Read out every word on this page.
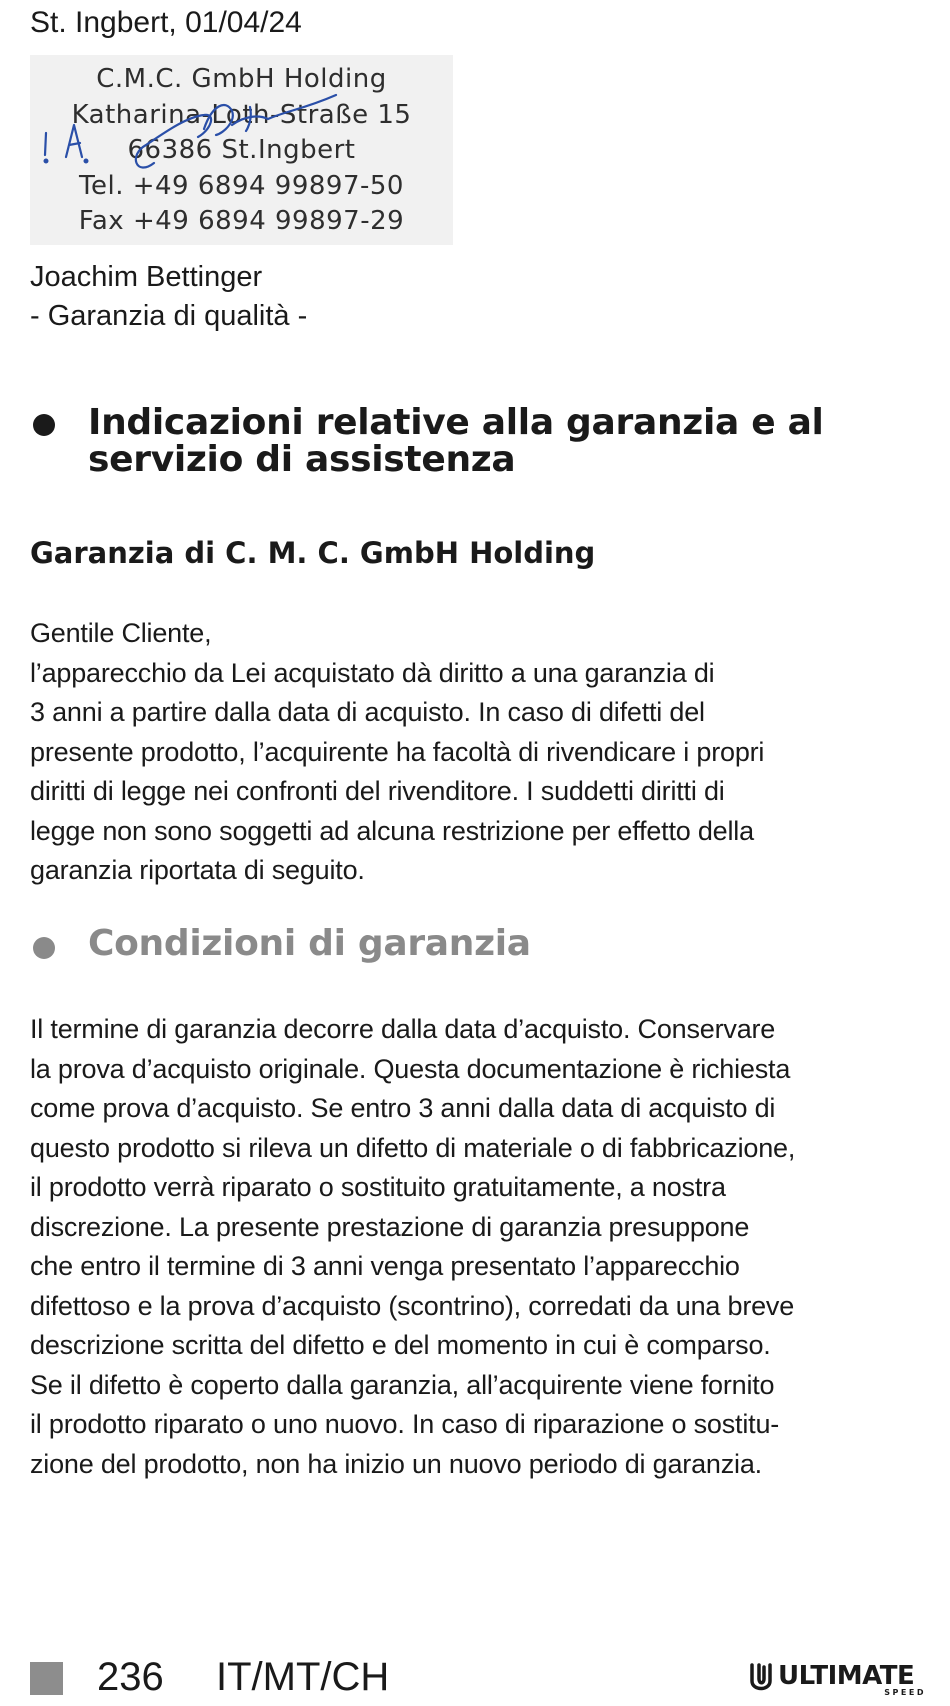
St. Ingbert, 01/04/24
C.M.C. GmbH Holding
Katharina-Loth-Straße 15
66386 St.Ingbert
Tel. +49 6894 99897-50
Fax +49 6894 99897-29
Joachim Bettinger
- Garanzia di qualità -
Indicazioni relative alla garanzia e al
servizio di assistenza
Garanzia di C. M. C. GmbH Holding
Gentile Cliente,
l’apparecchio da Lei acquistato dà diritto a una garanzia di
3 anni a partire dalla data di acquisto. In caso di difetti del
presente prodotto, l’acquirente ha facoltà di rivendicare i propri
diritti di legge nei confronti del rivenditore. I suddetti diritti di
legge non sono soggetti ad alcuna restrizione per effetto della
garanzia riportata di seguito.
Condizioni di garanzia
Il termine di garanzia decorre dalla data d’acquisto. Conservare
la prova d’acquisto originale. Questa documentazione è richiesta
come prova d’acquisto. Se entro 3 anni dalla data di acquisto di
questo prodotto si rileva un difetto di materiale o di fabbricazione,
il prodotto verrà riparato o sostituito gratuitamente, a nostra
discrezione. La presente prestazione di garanzia presuppone
che entro il termine di 3 anni venga presentato l’apparecchio
difettoso e la prova d’acquisto (scontrino), corredati da una breve
descrizione scritta del difetto e del momento in cui è comparso.
Se il difetto è coperto dalla garanzia, all’acquirente viene fornito
il prodotto riparato o uno nuovo. In caso di riparazione o sostitu-
zione del prodotto, non ha inizio un nuovo periodo di garanzia.
236 IT/MT/CH	ULTIMATE
SPEED
